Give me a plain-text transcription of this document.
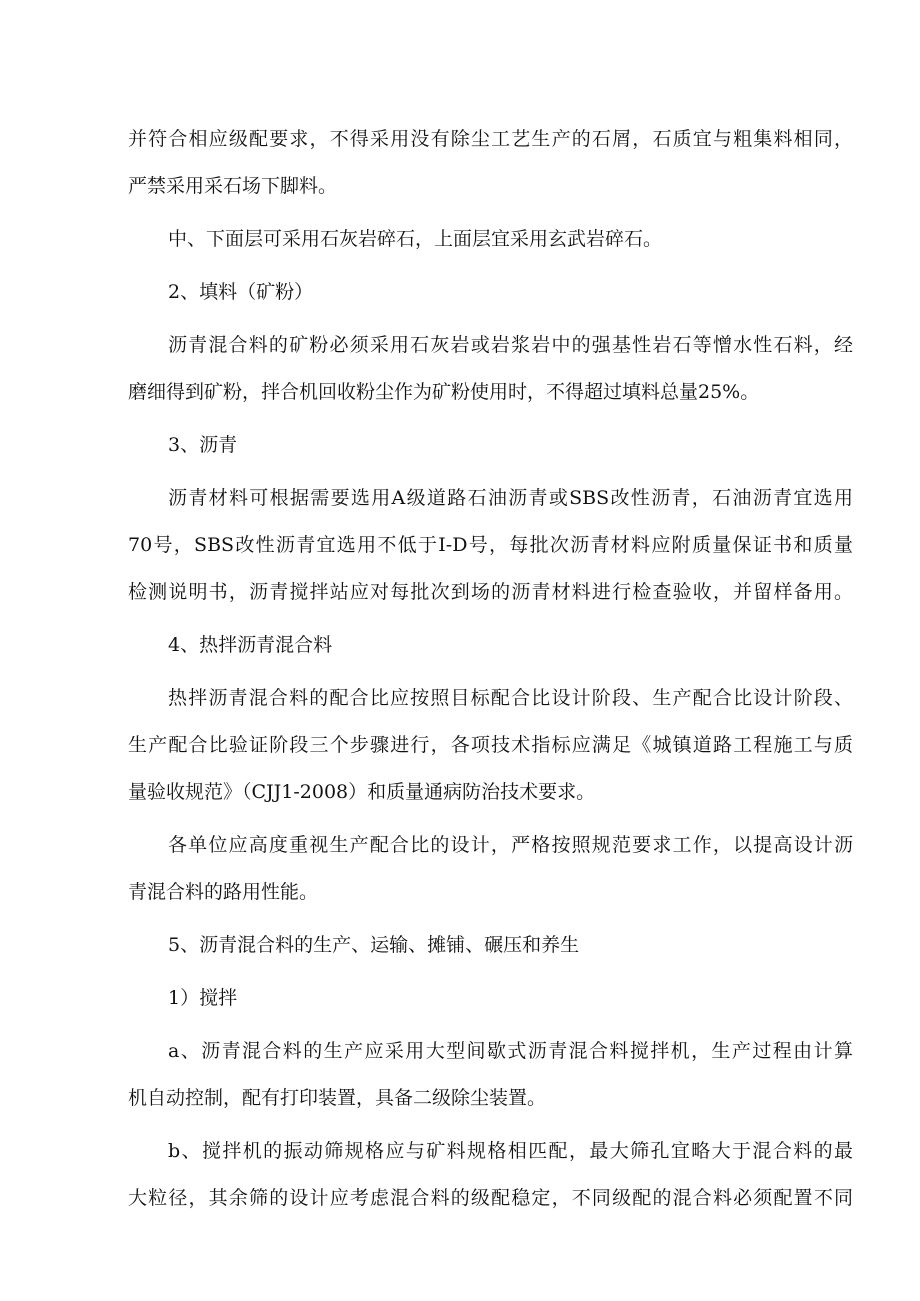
并符合相应级配要求，不得采用没有除尘工艺生产的石屑，石质宜与粗集料相同，
严禁采用采石场下脚料。
中、下面层可采用石灰岩碎石，上面层宜采用玄武岩碎石。
2、填料（矿粉）
沥青混合料的矿粉必须采用石灰岩或岩浆岩中的强基性岩石等憎水性石料，经
磨细得到矿粉，拌合机回收粉尘作为矿粉使用时，不得超过填料总量25%。
3、沥青
沥青材料可根据需要选用A级道路石油沥青或SBS改性沥青，石油沥青宜选用
70号，SBS改性沥青宜选用不低于I-D号，每批次沥青材料应附质量保证书和质量
检测说明书，沥青搅拌站应对每批次到场的沥青材料进行检查验收，并留样备用。
4、热拌沥青混合料
热拌沥青混合料的配合比应按照目标配合比设计阶段、生产配合比设计阶段、
生产配合比验证阶段三个步骤进行，各项技术指标应满足《城镇道路工程施工与质
量验收规范》（CJJ1-2008）和质量通病防治技术要求。
各单位应高度重视生产配合比的设计，严格按照规范要求工作，以提高设计沥
青混合料的路用性能。
5、沥青混合料的生产、运输、摊铺、碾压和养生
1）搅拌
a、沥青混合料的生产应采用大型间歇式沥青混合料搅拌机，生产过程由计算
机自动控制，配有打印装置，具备二级除尘装置。
b、搅拌机的振动筛规格应与矿料规格相匹配，最大筛孔宜略大于混合料的最
大粒径，其余筛的设计应考虑混合料的级配稳定，不同级配的混合料必须配置不同
